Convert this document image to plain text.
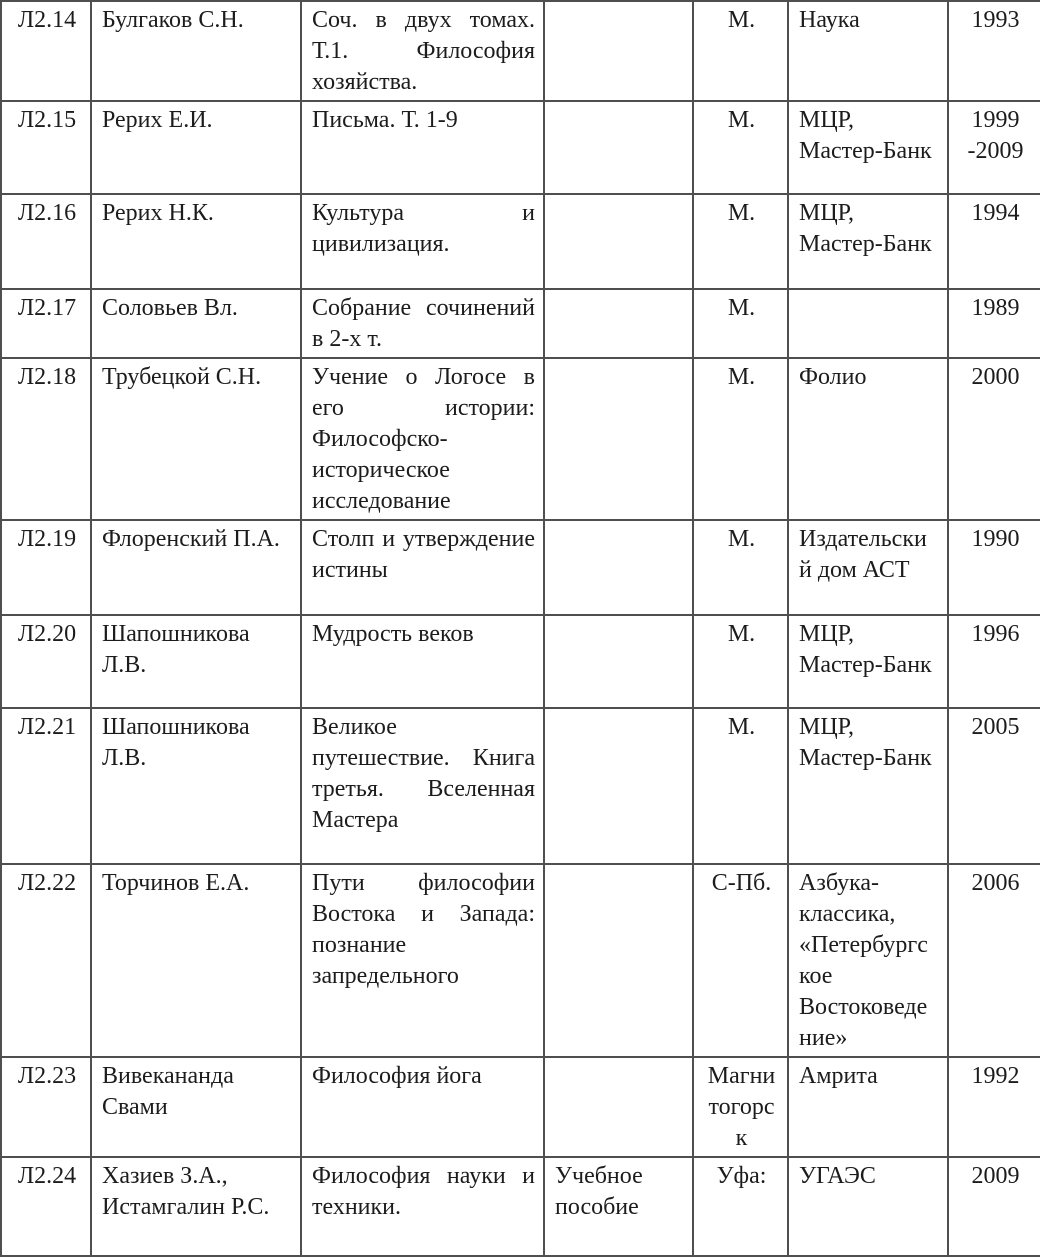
Л2.14	Булгаков С.Н.	Соч. в двух томах. Т.1. Философия хозяйства.		М.	Наука	1993
Л2.15	Рерих Е.И.	Письма. Т. 1-9		М.	МЦР, Мастер-Банк	1999 -2009
Л2.16	Рерих Н.К.	Культура и цивилизация.		М.	МЦР, Мастер-Банк	1994
Л2.17	Соловьев Вл.	Собрание сочинений в 2-х т.		М.		1989
Л2.18	Трубецкой С.Н.	Учение о Логосе в его истории: Философско-историческое исследование		М.	Фолио	2000
Л2.19	Флоренский П.А.	Столп и утверждение истины		М.	Издательский дом АСТ	1990
Л2.20	Шапошникова Л.В.	Мудрость веков		М.	МЦР, Мастер-Банк	1996
Л2.21	Шапошникова Л.В.	Великое путешествие. Книга третья. Вселенная Мастера		М.	МЦР, Мастер-Банк	2005
Л2.22	Торчинов Е.А.	Пути философии Востока и Запада: познание запредельного		С-Пб.	Азбука-классика, «Петербургское Востоковедение»	2006
Л2.23	Вивекананда Свами	Философия йога		Магнитогорск	Амрита	1992
Л2.24	Хазиев З.А., Истамгалин Р.С.	Философия науки и техники.	Учебное пособие	Уфа:	УГАЭС	2009
